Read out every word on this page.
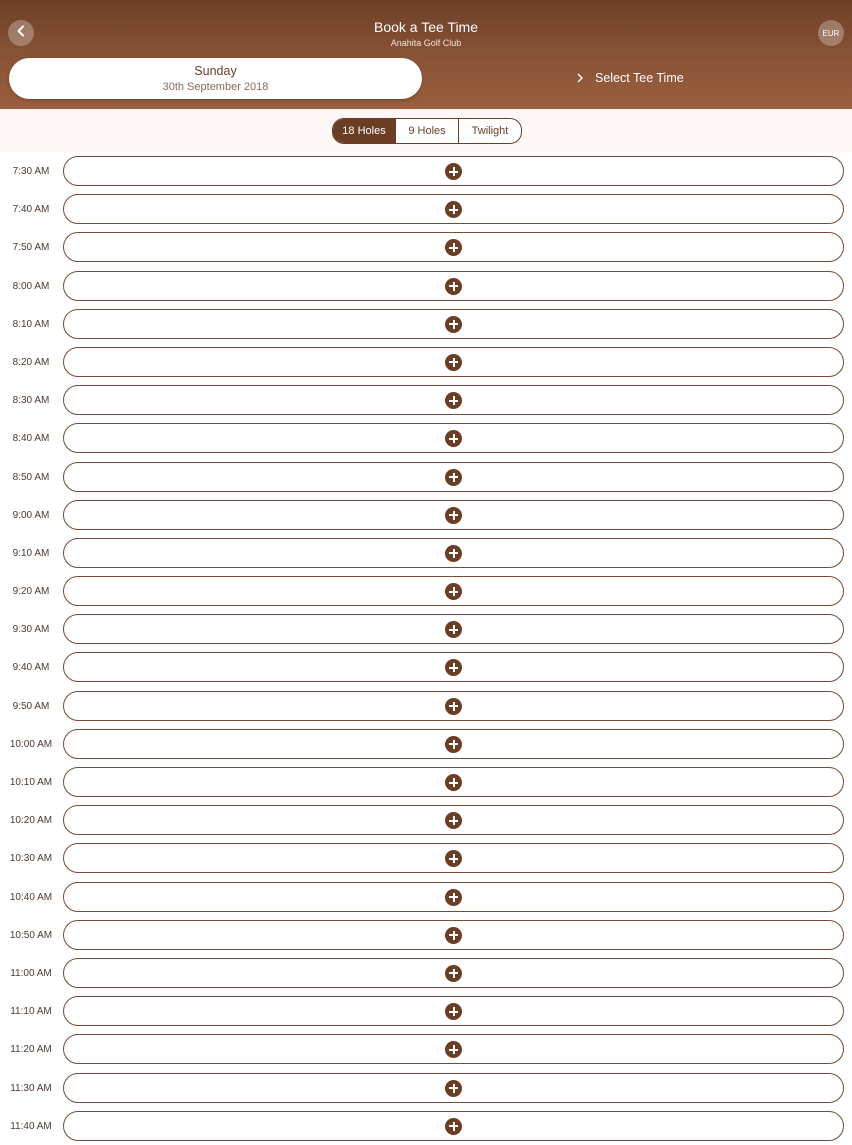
Book a Tee Time
Anahita Golf Club
EUR
Sunday
30th September 2018
Select Tee Time
18 Holes	9 Holes	Twilight
7:30 AM
7:40 AM
7:50 AM
8:00 AM
8:10 AM
8:20 AM
8:30 AM
8:40 AM
8:50 AM
9:00 AM
9:10 AM
9:20 AM
9:30 AM
9:40 AM
9:50 AM
10:00 AM
10:10 AM
10:20 AM
10:30 AM
10:40 AM
10:50 AM
11:00 AM
11:10 AM
11:20 AM
11:30 AM
11:40 AM
